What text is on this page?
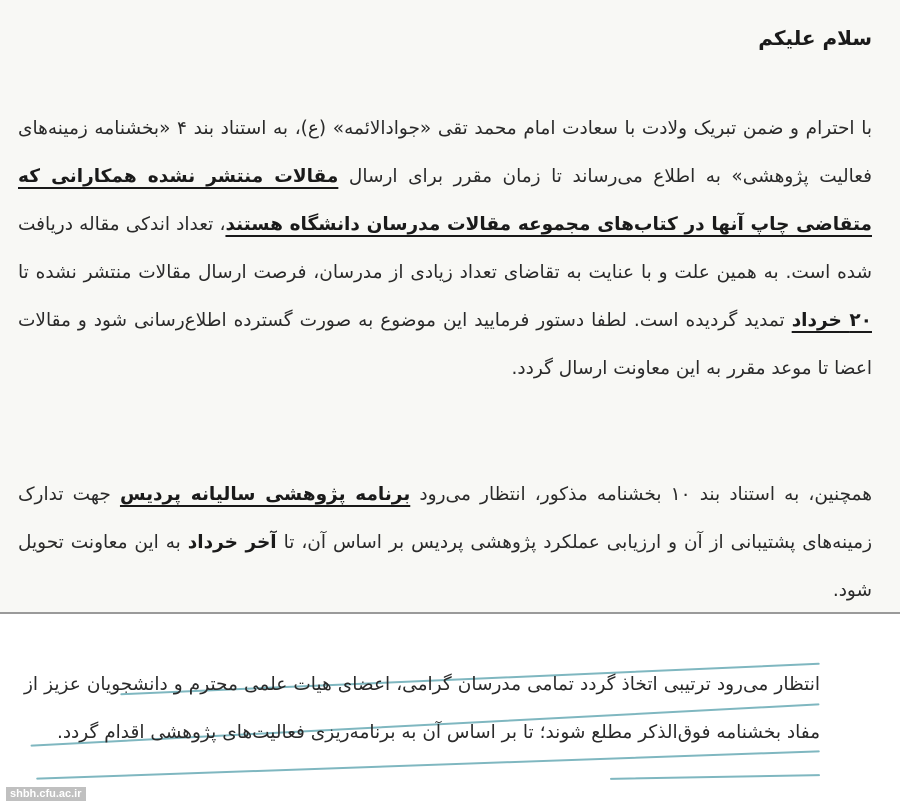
سلام علیکم

با احترام و ضمن تبریک ولادت با سعادت امام محمد تقی «جوادالائمه» (ع)، به استناد بند ۴ «بخشنامه زمینه‌های فعالیت پژوهشی» به اطلاع می‌رساند تا زمان مقرر برای ارسال مقالات منتشر نشده همکارانی که متقاضی چاپ آنها در کتاب‌های مجموعه مقالات مدرسان دانشگاه هستند، تعداد اندکی مقاله دریافت شده است. به همین علت و با عنایت به تقاضای تعداد زیادی از مدرسان، فرصت ارسال مقالات منتشر نشده تا ۲۰ خرداد تمدید گردیده است. لطفا دستور فرمایید این موضوع به صورت گسترده اطلاع‌رسانی شود و مقالات اعضا تا موعد مقرر به این معاونت ارسال گردد.

همچنین، به استناد بند ۱۰ بخشنامه مذکور، انتظار می‌رود برنامه پژوهشی سالیانه پردیس جهت تدارک زمینه‌های پشتیبانی از آن و ارزیابی عملکرد پژوهشی پردیس بر اساس آن، تا آخر خرداد به این معاونت تحویل شود.

انتظار می‌رود ترتیبی اتخاذ گردد تمامی مدرسان گرامی، اعضای هیات علمی محترم و دانشجویان عزیز از مفاد بخشنامه فوق‌الذکر مطلع شوند؛ تا بر اساس آن به برنامه‌ریزی فعالیت‌های پژوهشی اقدام گردد.

shbh.cfu.ac.ir
